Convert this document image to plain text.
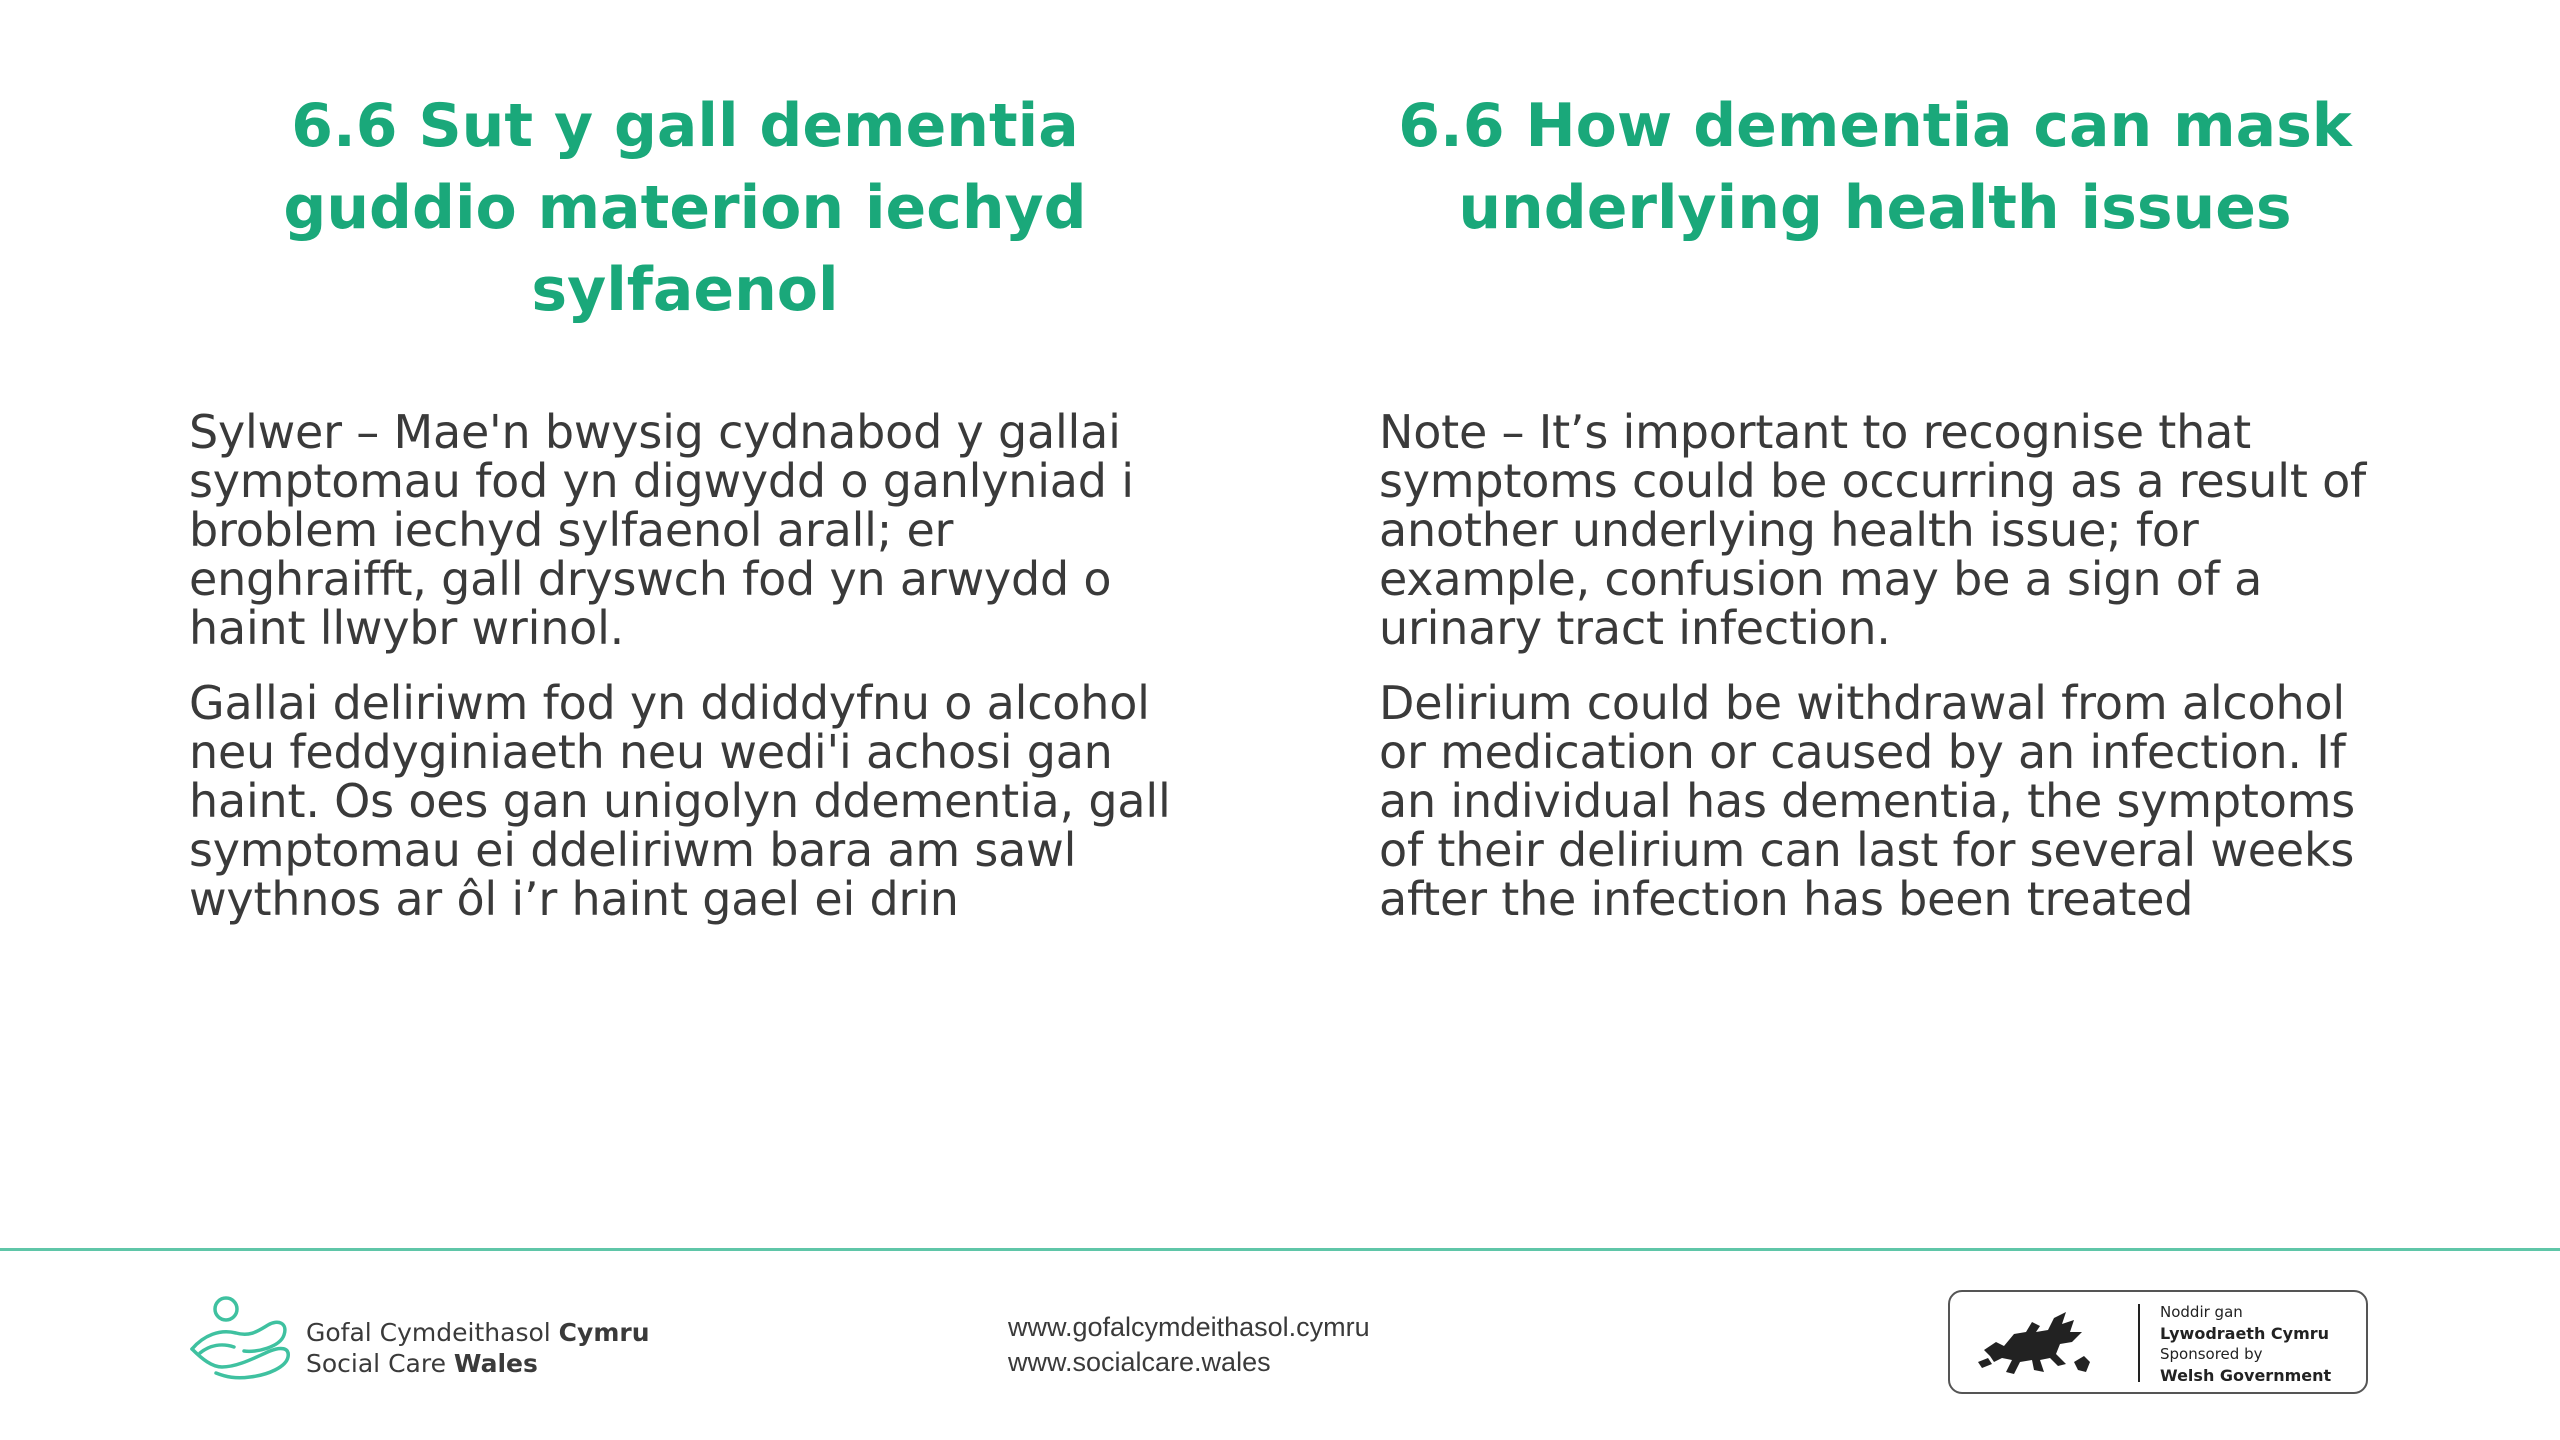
6.6 Sut y gall dementia guddio materion iechyd sylfaenol

Sylwer – Mae'n bwysig cydnabod y gallai symptomau fod yn digwydd o ganlyniad i broblem iechyd sylfaenol arall; er enghraifft, gall dryswch fod yn arwydd o haint llwybr wrinol.

Gallai deliriwm fod yn ddiddyfnu o alcohol neu feddyginiaeth neu wedi'i achosi gan haint. Os oes gan unigolyn ddementia, gall symptomau ei ddeliriwm bara am sawl wythnos ar ôl i’r haint gael ei drin

6.6 How dementia can mask underlying health issues

Note – It’s important to recognise that symptoms could be occurring as a result of another underlying health issue; for example, confusion may be a sign of a urinary tract infection.

Delirium could be withdrawal from alcohol or medication or caused by an infection. If an individual has dementia, the symptoms of their delirium can last for several weeks after the infection has been treated

Gofal Cymdeithasol Cymru
Social Care Wales
www.gofalcymdeithasol.cymru
www.socialcare.wales
Noddir gan
Lywodraeth Cymru
Sponsored by
Welsh Government
